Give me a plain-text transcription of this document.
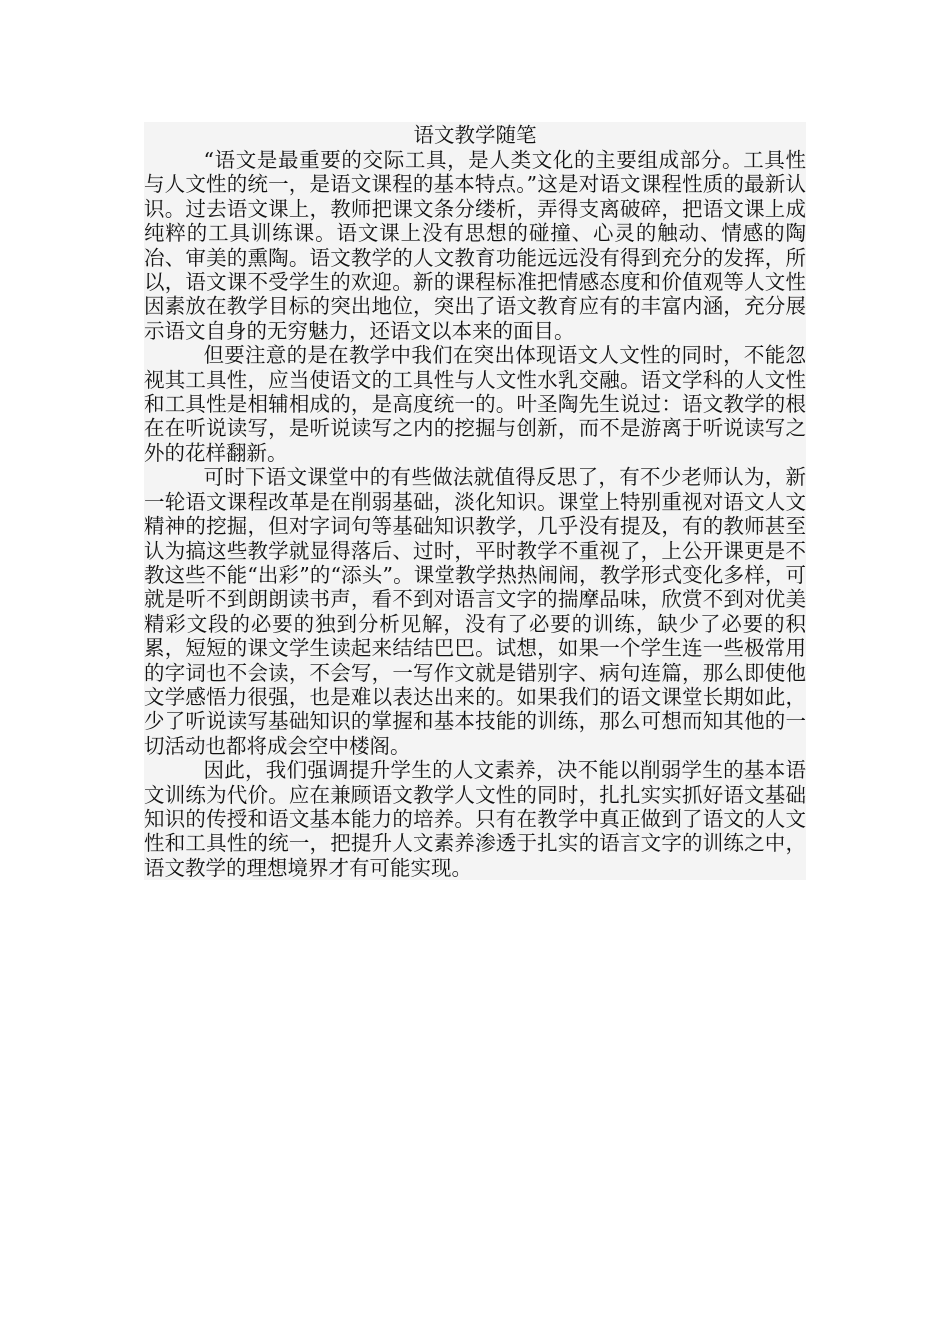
语文教学随笔

“语文是最重要的交际工具，是人类文化的主要组成部分。工具性与人文性的统一，是语文课程的基本特点。”这是对语文课程性质的最新认识。过去语文课上，教师把课文条分缕析，弄得支离破碎，把语文课上成纯粹的工具训练课。语文课上没有思想的碰撞、心灵的触动、情感的陶冶、审美的熏陶。语文教学的人文教育功能远远没有得到充分的发挥，所以，语文课不受学生的欢迎。新的课程标准把情感态度和价值观等人文性因素放在教学目标的突出地位，突出了语文教育应有的丰富内涵，充分展示语文自身的无穷魅力，还语文以本来的面目。

但要注意的是在教学中我们在突出体现语文人文性的同时，不能忽视其工具性，应当使语文的工具性与人文性水乳交融。语文学科的人文性和工具性是相辅相成的，是高度统一的。叶圣陶先生说过：语文教学的根在在听说读写，是听说读写之内的挖掘与创新，而不是游离于听说读写之外的花样翻新。

可时下语文课堂中的有些做法就值得反思了，有不少老师认为，新一轮语文课程改革是在削弱基础，淡化知识。课堂上特别重视对语文人文精神的挖掘，但对字词句等基础知识教学，几乎没有提及，有的教师甚至认为搞这些教学就显得落后、过时，平时教学不重视了，上公开课更是不教这些不能“出彩”的“添头”。课堂教学热热闹闹，教学形式变化多样，可就是听不到朗朗读书声，看不到对语言文字的揣摩品味，欣赏不到对优美精彩文段的必要的独到分析见解，没有了必要的训练，缺少了必要的积累，短短的课文学生读起来结结巴巴。试想，如果一个学生连一些极常用的字词也不会读，不会写，一写作文就是错别字、病句连篇，那么即使他文学感悟力很强，也是难以表达出来的。如果我们的语文课堂长期如此，少了听说读写基础知识的掌握和基本技能的训练，那么可想而知其他的一切活动也都将成会空中楼阁。

因此，我们强调提升学生的人文素养，决不能以削弱学生的基本语文训练为代价。应在兼顾语文教学人文性的同时，扎扎实实抓好语文基础知识的传授和语文基本能力的培养。只有在教学中真正做到了语文的人文性和工具性的统一，把提升人文素养渗透于扎实的语言文字的训练之中，语文教学的理想境界才有可能实现。
